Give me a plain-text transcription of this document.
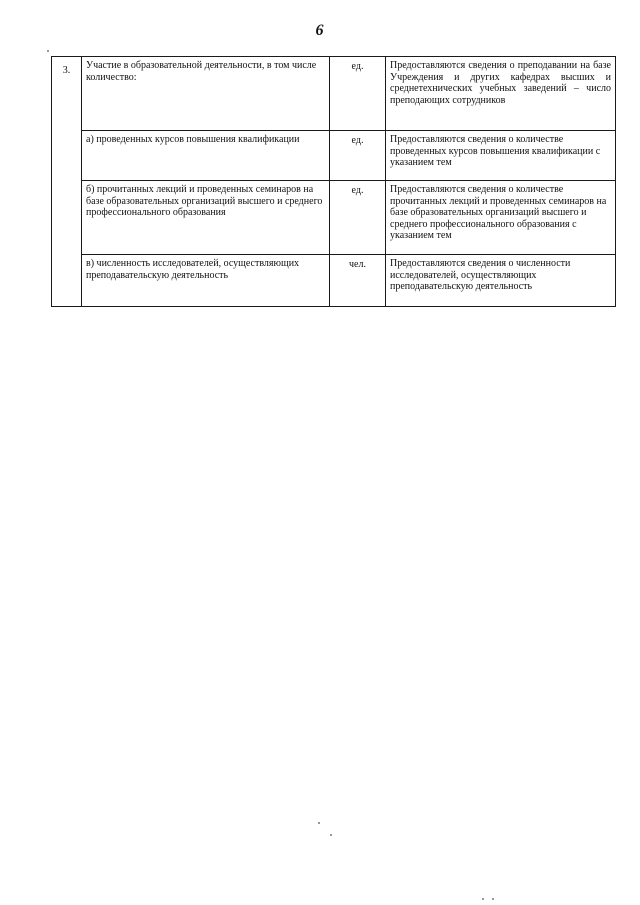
6
3.	Участие в образовательной деятельности, в том числе количество:	ед.	Предоставляются сведения о преподавании на базе Учреждения и других кафедрах высших и среднетехнических учебных заведений – число преподающих сотрудников
	а) проведенных курсов повышения квалификации	ед.	Предоставляются сведения о количестве проведенных курсов повышения квалификации с указанием тем
	б) прочитанных лекций и проведенных семинаров на базе образовательных организаций высшего и среднего профессионального образования	ед.	Предоставляются сведения о количестве прочитанных лекций и проведенных семинаров на базе образовательных организаций высшего и среднего профессионального образования с указанием тем
	в) численность исследователей, осуществляющих преподавательскую деятельность	чел.	Предоставляются сведения о численности исследователей, осуществляющих преподавательскую деятельность
